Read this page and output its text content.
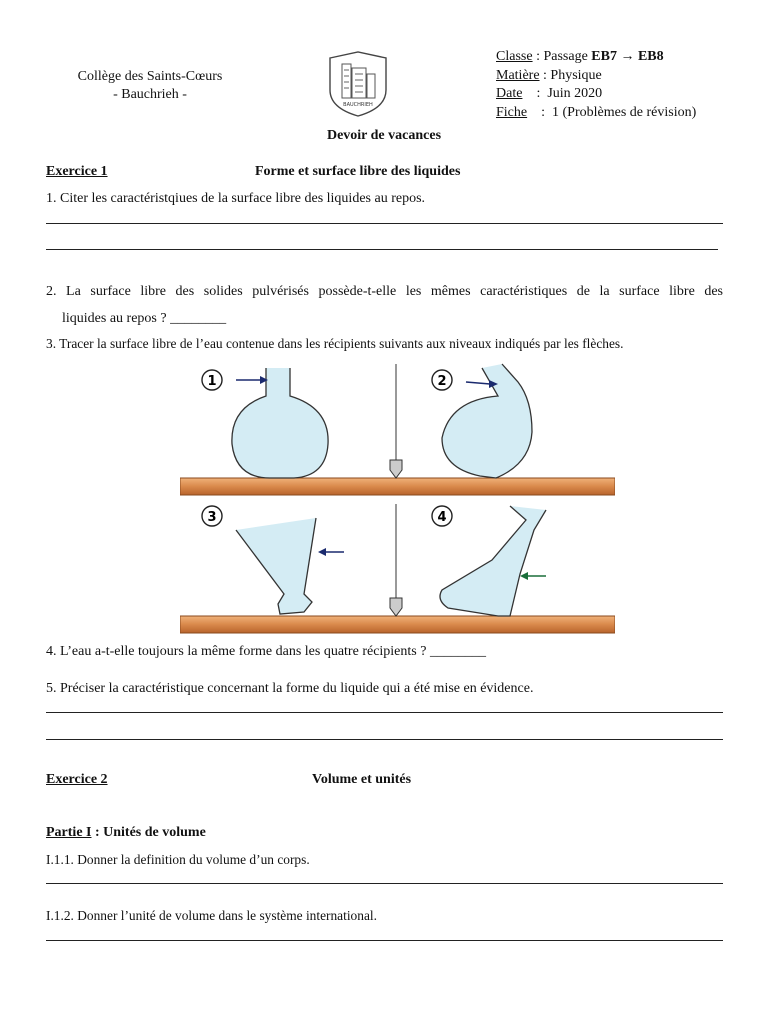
Collège des Saints-Cœurs
- Bauchrieh -
BAUCHRIEH
Classe : Passage EB7 → EB8
Matière : Physique
Date    :  Juin 2020
Fiche    :  1 (Problèmes de révision)
Devoir de vacances
Exercice 1	Forme et surface libre des liquides
1. Citer les caractéristqiues de la surface libre des liquides au repos.
2. La surface libre des solides pulvérisés possède-t-elle les mêmes caractéristiques de la surface libre des
liquides au repos ? ________
3. Tracer la surface libre de l’eau contenue dans les récipients suivants aux niveaux indiqués par les flèches.
1	2
3	4
4. L’eau a-t-elle toujours la même forme dans les quatre récipients ? ________
5. Préciser la caractéristique concernant la forme du liquide qui a été mise en évidence.
Exercice 2	Volume et unités
Partie I : Unités de volume
I.1.1. Donner la definition du volume d’un corps.
I.1.2. Donner l’unité de volume dans le système international.
